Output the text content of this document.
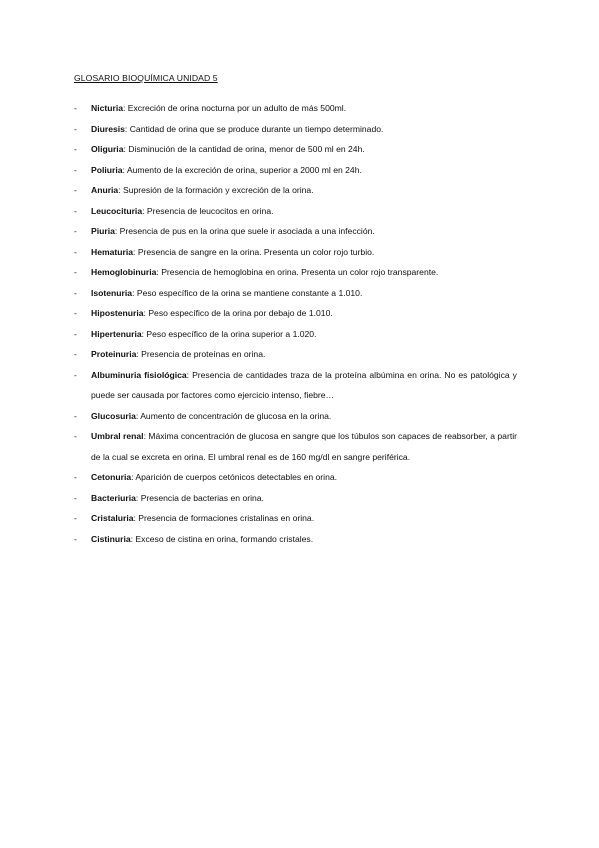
GLOSARIO BIOQUÍMICA UNIDAD 5
- Nicturia: Excreción de orina nocturna por un adulto de más 500ml.
- Diuresis: Cantidad de orina que se produce durante un tiempo determinado.
- Oliguria: Disminución de la cantidad de orina, menor de 500 ml en 24h.
- Poliuria: Aumento de la excreción de orina, superior a 2000 ml en 24h.
- Anuria: Supresión de la formación y excreción de la orina.
- Leucocituria: Presencia de leucocitos en orina.
- Piuria: Presencia de pus en la orina que suele ir asociada a una infección.
- Hematuria: Presencia de sangre en la orina. Presenta un color rojo turbio.
- Hemoglobinuria: Presencia de hemoglobina en orina. Presenta un color rojo transparente.
- Isotenuria: Peso específico de la orina se mantiene constante a 1.010.
- Hipostenuria: Peso específico de la orina por debajo de 1.010.
- Hipertenuria: Peso específico de la orina superior a 1.020.
- Proteinuria: Presencia de proteínas en orina.
- Albuminuria fisiológica: Presencia de cantidades traza de la proteína albúmina en orina. No es patológica y puede ser causada por factores como ejercicio intenso, fiebre…
- Glucosuria: Aumento de concentración de glucosa en la orina.
- Umbral renal: Máxima concentración de glucosa en sangre que los túbulos son capaces de reabsorber, a partir de la cual se excreta en orina. El umbral renal es de 160 mg/dl en sangre periférica.
- Cetonuria: Aparición de cuerpos cetónicos detectables en orina.
- Bacteriuria: Presencia de bacterias en orina.
- Cristaluria: Presencia de formaciones cristalinas en orina.
- Cistinuria: Exceso de cistina en orina, formando cristales.
